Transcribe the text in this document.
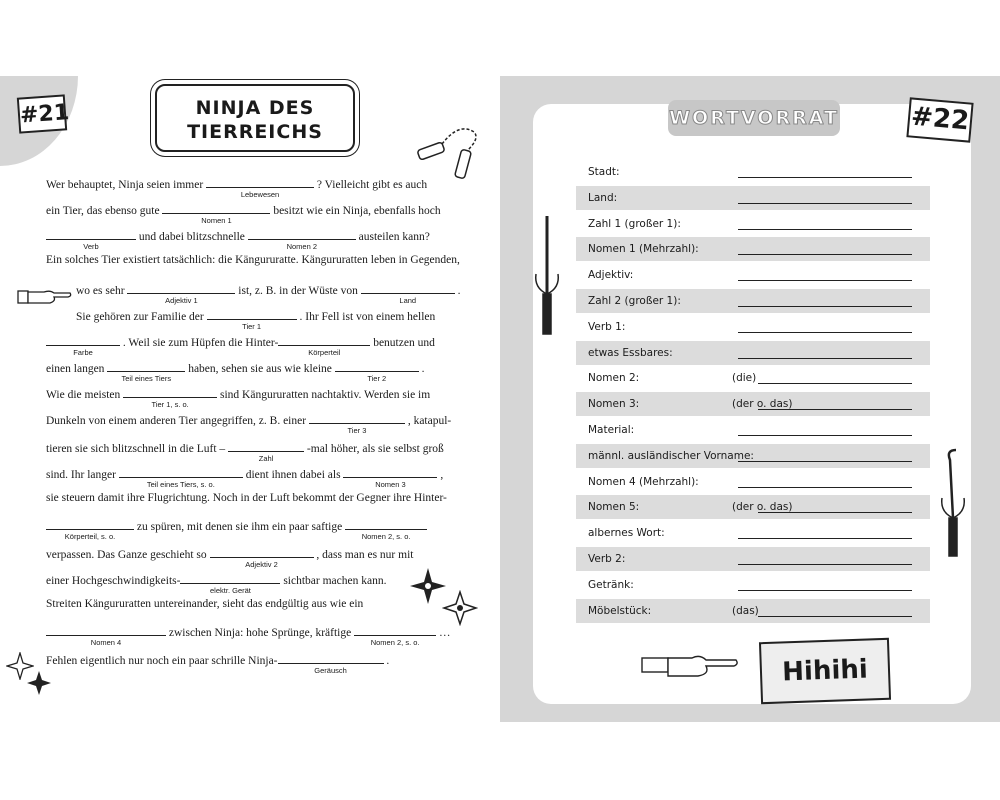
#21	NINJA DES
TIERREICHS
Wer behauptet, Ninja seien immer
Lebewesen
? Vielleicht gibt es auch
ein Tier, das ebenso gute
Nomen 1
besitzt wie ein Ninja, ebenfalls hoch
Verb
und dabei blitzschnelle
Nomen 2
austeilen kann?
Ein solches Tier existiert tatsächlich: die Kängururatte. Kängururatten leben in Gegenden,
wo es sehr
Adjektiv 1
ist, z. B. in der Wüste von
Land
.
Sie gehören zur Familie der
Tier 1
. Ihr Fell ist von einem hellen
Farbe
. Weil sie zum Hüpfen die Hinter-
Körperteil
benutzen und
einen langen
Teil eines Tiers
haben, sehen sie aus wie kleine
Tier 2
.
Wie die meisten
Tier 1, s. o.
sind Kängururatten nachtaktiv. Werden sie im
Dunkeln von einem anderen Tier angegriffen, z. B. einer
Tier 3
, katapul-
tieren sie sich blitzschnell in die Luft –
Zahl
-mal höher, als sie selbst groß
sind. Ihr langer
Teil eines Tiers, s. o.
dient ihnen dabei als
Nomen 3
,
sie steuern damit ihre Flugrichtung. Noch in der Luft bekommt der Gegner ihre Hinter-
Körperteil, s. o.
zu spüren, mit denen sie ihm ein paar saftige
Nomen 2, s. o.
verpassen. Das Ganze geschieht so
Adjektiv 2
, dass man es nur mit
einer Hochgeschwindigkeits-
elektr. Gerät
sichtbar machen kann.
Streiten Kängururatten untereinander, sieht das endgültig aus wie ein
Nomen 4
zwischen Ninja: hohe Sprünge, kräftige
Nomen 2, s. o.
…
Fehlen eigentlich nur noch ein paar schrille Ninja-
Geräusch
.
WORTVORRAT	#22
Stadt:
Land:
Zahl 1 (großer 1):
Nomen 1 (Mehrzahl):
Adjektiv:
Zahl 2 (großer 1):
Verb 1:
etwas Essbares:
Nomen 2:	(die)
Nomen 3:	(der o. das)
Material:
männl. ausländischer Vorname:
Nomen 4 (Mehrzahl):
Nomen 5:	(der o. das)
albernes Wort:
Verb 2:
Getränk:
Möbelstück:	(das)
Hihihi
